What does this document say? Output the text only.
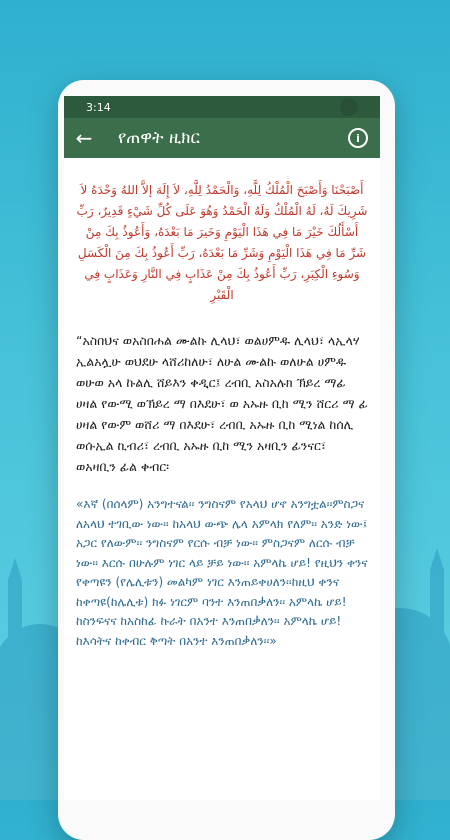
3:14
←	የጠዋት ዚክር	i

أَصْبَحْنَا وَأَصْبَحَ الْمُلْكُ لِلَّهِ، وَالْحَمْدُ لِلَّهِ، لاَ إِلَهَ إلاَّ اللهُ وَحْدَهُ لاَ شَرِيكَ لَهُ، لَهُ الْمُلْكُ وَلَهُ الْحَمْدُ وَهُوَ عَلَى كُلِّ شَيْءٍ قَدِيرٌ، رَبِّ أَسْأَلُكَ خَيْرَ مَا فِي هَذَا الْيَوْمِ وَخَيرَ مَا بَعْدَهُ، وَأَعُوذُ بِكَ مِنْ شَرِّ مَا فِي هَذَا الْيَوْمِ وَشَرِّ مَا بَعْدَهُ، رَبِّ أَعُوذُ بِكَ مِنَ الْكَسَلِ وَسُوءِ الْكِبَرِ، رَبِّ أَعُوذُ بِكَ مِنْ عَذَابٍ فِي النَّارِ وَعَذَابٍ فِي الْقَبْرِ

“አስበህና ወአስበሐል ሙልኩ ሊላህ፣ ወልሀምዱ ሊላህ፣ ላኢላሃ ኢልአሏሁ ወህደሁ ላሸሪከለሁ፣ ለሁል ሙልኩ ወለሁል ሀምዱ ወሁወ አላ ኩልሊ ሸይእን ቀዲር፤ ረብቢ አስአሉክ ኽይረ ማፊ ሀዛል የውሚ ወኽይረ ማ በእደሁ፣ ወ አኡዙ ቢከ ሚን ሸርሪ ማ ፊ ሀዛል የውም ወሸሪ ማ በእደሁ፣ ረብቢ አኡዙ ቢከ ሚነል ከሰሊ ወሱኢል ኪብሪ፣ ረብቢ አኡዙ ቢከ ሚን አዛቢን ፊንናር፣ ወአዛቢን ፊል ቀብር፡

«እኛ (በሰላም) አንግተናል፡፡ ንግስናም የአላህ ሆኖ አንግቷል፡፡ምስጋና ለአላህ ተገቢው ነው፡፡ ከአላህ ውጭ ሌላ አምላክ የለም፡፡ አንድ ነው፤ አጋር የለውም፡፡ ንግስናም የርሱ ብቻ ነው፡፡ ምስጋናም ለርሱ ብቻ ነው፡፡ እርሱ በሁሉም ነገር ላይ ቻይ ነው፡፡ አምላኬ ሆይ! የዚህን ቀንና የቀጣዩን (የሌሊቱን) መልካም ነገር እንጠይቀሀለን፡፡ከዚህ ቀንና ከቀጣዩ(ከሌሊቱ) ክፉ ነገርም ባንተ እንጠበቃለን፡፡ አምላኬ ሆይ! ከስንፍናና ከአስከፊ ኩራት በአንተ እንጠበቃለን፡፡ አምላኬ ሆይ! ከእሳትና ከቀብር ቅጣት በአንተ እንጠበቃለን፡፡»
